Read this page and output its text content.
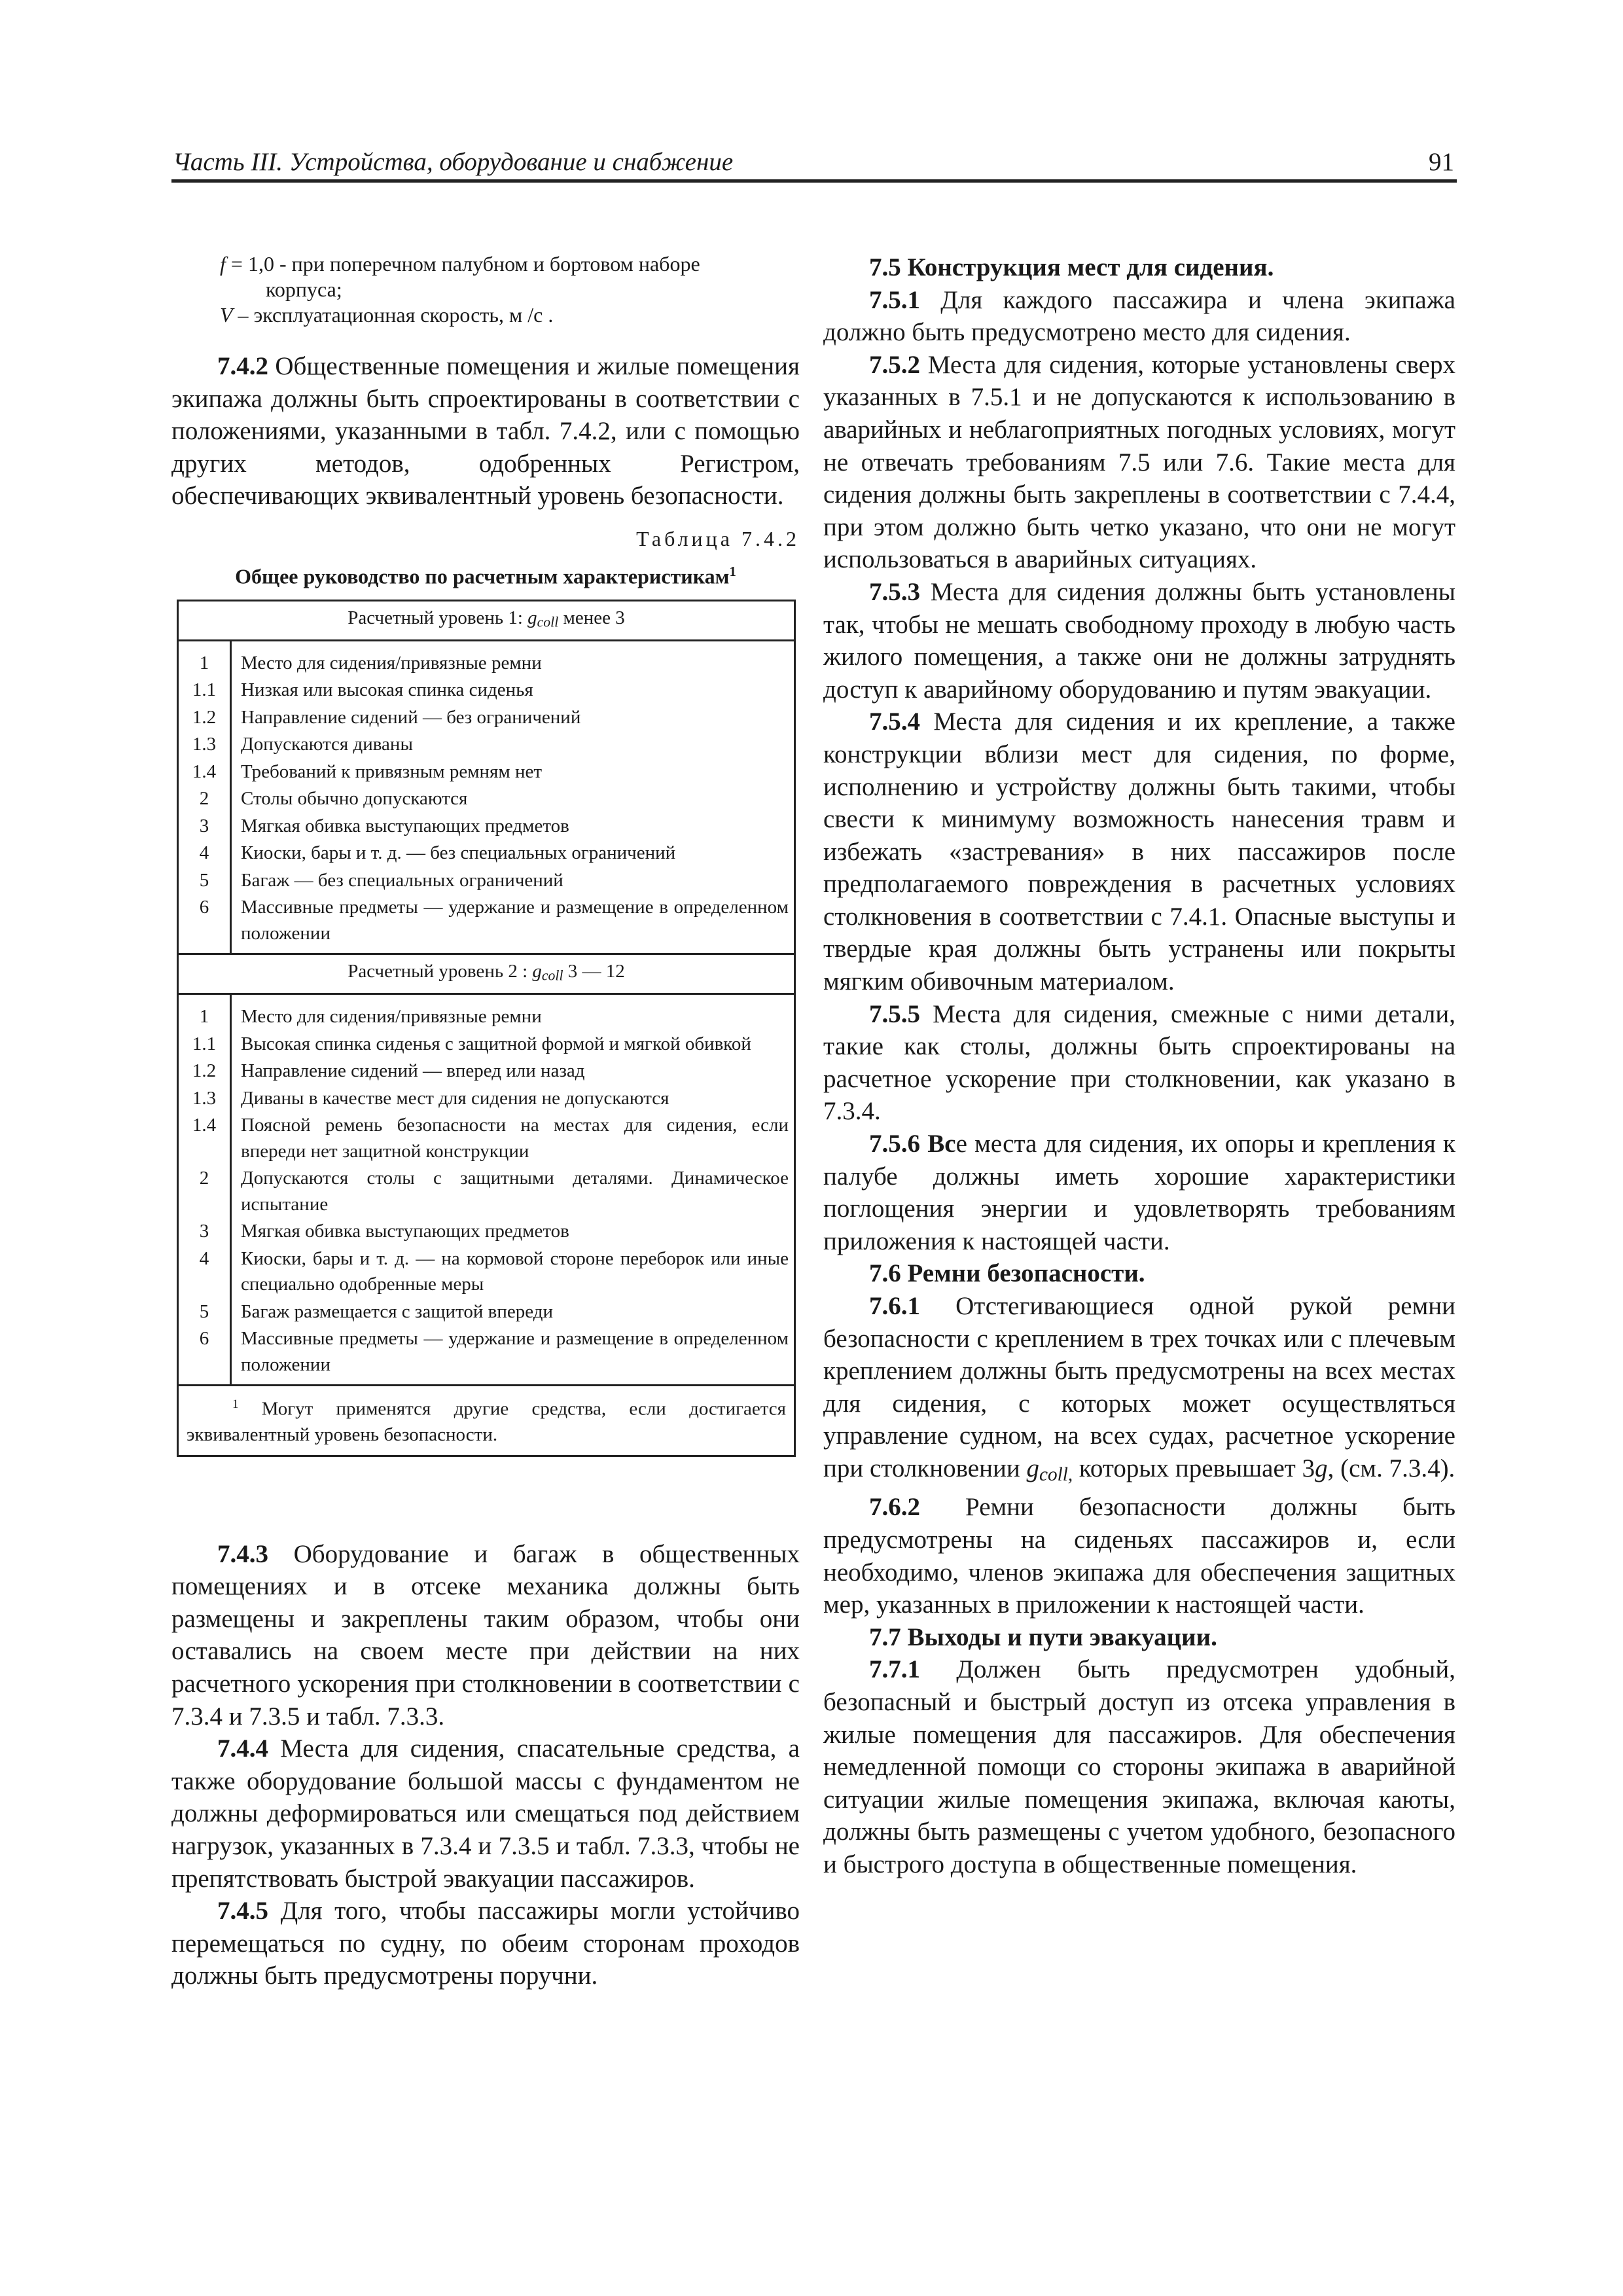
Часть III. Устройства, оборудование и снабжение	91
f = 1,0 - при поперечном палубном и бортовом наборе
корпуса;
V – эксплуатационная скорость, м /с .

7.4.2 Общественные помещения и жилые помещения экипажа должны быть спроектированы в соответствии с положениями, указанными в табл. 7.4.2, или с помощью других методов, одобренных Регистром, обеспечивающих эквивалентный уровень безопасности.

Таблица 7.4.2
Общее руководство по расчетным характеристикам$^1$
Расчетный уровень 1: gcoll менее 3	
1	Место для сидения/привязные ремни
1.1	Низкая или высокая спинка сиденья
1.2	Направление сидений — без ограничений
1.3	Допускаются диваны
1.4	Требований к привязным ремням нет
2	Столы обычно допускаются
3	Мягкая обивка выступающих предметов
4	Киоски, бары и т. д. — без специальных ограничений
5	Багаж — без специальных ограничений
6	Массивные предметы — удержание и размещение в определенном положении
Расчетный уровень 2 : gcoll 3 — 12	
1	Место для сидения/привязные ремни
1.1	Высокая спинка сиденья с защитной формой и мягкой обивкой
1.2	Направление сидений — вперед или назад
1.3	Диваны в качестве мест для сидения не допускаются
1.4	Поясной ремень безопасности на местах для сидения, если впереди нет защитной конструкции
2	Допускаются столы с защитными деталями. Динамическое испытание
3	Мягкая обивка выступающих предметов
4	Киоски, бары и т. д. — на кормовой стороне переборок или иные специально одобренные меры
5	Багаж размещается с защитой впереди
6	Массивные предметы — удержание и размещение в определенном положении
$^1$ Могут применятся другие средства, если достигается эквивалентный уровень безопасности.	

7.4.3 Оборудование и багаж в общественных помещениях и в отсеке механика должны быть размещены и закреплены таким образом, чтобы они оставались на своем месте при действии на них расчетного ускорения при столкновении в соответствии с 7.3.4 и 7.3.5 и табл. 7.3.3.

7.4.4 Места для сидения, спасательные средства, а также оборудование большой массы с фундаментом не должны деформироваться или смещаться под действием нагрузок, указанных в 7.3.4 и 7.3.5 и табл. 7.3.3, чтобы не препятствовать быстрой эвакуации пассажиров.

7.4.5 Для того, чтобы пассажиры могли устойчиво перемещаться по судну, по обеим сторонам проходов должны быть предусмотрены поручни.

7.5 Конструкция мест для сидения.

7.5.1 Для каждого пассажира и члена экипажа должно быть предусмотрено место для сидения.

7.5.2 Места для сидения, которые установлены сверх указанных в 7.5.1 и не допускаются к использованию в аварийных и неблагоприятных погодных условиях, могут не отвечать требованиям 7.5 или 7.6. Такие места для сидения должны быть закреплены в соответствии с 7.4.4, при этом должно быть четко указано, что они не могут использоваться в аварийных ситуациях.

7.5.3 Места для сидения должны быть установлены так, чтобы не мешать свободному проходу в любую часть жилого помещения, а также они не должны затруднять доступ к аварийному оборудованию и путям эвакуации.

7.5.4 Места для сидения и их крепление, а также конструкции вблизи мест для сидения, по форме, исполнению и устройству должны быть такими, чтобы свести к минимуму возможность нанесения травм и избежать «застревания» в них пассажиров после предполагаемого повреждения в расчетных условиях столкновения в соответствии с 7.4.1. Опасные выступы и твердые края должны быть устранены или покрыты мягким обивочным материалом.

7.5.5 Места для сидения, смежные с ними детали, такие как столы, должны быть спроектированы на расчетное ускорение при столкновении, как указано в 7.3.4.

7.5.6 Все места для сидения, их опоры и крепления к палубе должны иметь хорошие характеристики поглощения энергии и удовлетворять требованиям приложения к настоящей части.

7.6 Ремни безопасности.

7.6.1 Отстегивающиеся одной рукой ремни безопасности с креплением в трех точках или с плечевым креплением должны быть предусмотрены на всех местах для сидения, с которых может осуществляться управление судном, на всех судах, расчетное ускорение при столкновении gcoll, которых превышает 3g, (см. 7.3.4).

7.6.2 Ремни безопасности должны быть предусмотрены на сиденьях пассажиров и, если необходимо, членов экипажа для обеспечения защитных мер, указанных в приложении к настоящей части.

7.7 Выходы и пути эвакуации.

7.7.1 Должен быть предусмотрен удобный, безопасный и быстрый доступ из отсека управления в жилые помещения для пассажиров. Для обеспечения немедленной помощи со стороны экипажа в аварийной ситуации жилые помещения экипажа, включая каюты, должны быть размещены с учетом удобного, безопасного и быстрого доступа в общественные помещения.
